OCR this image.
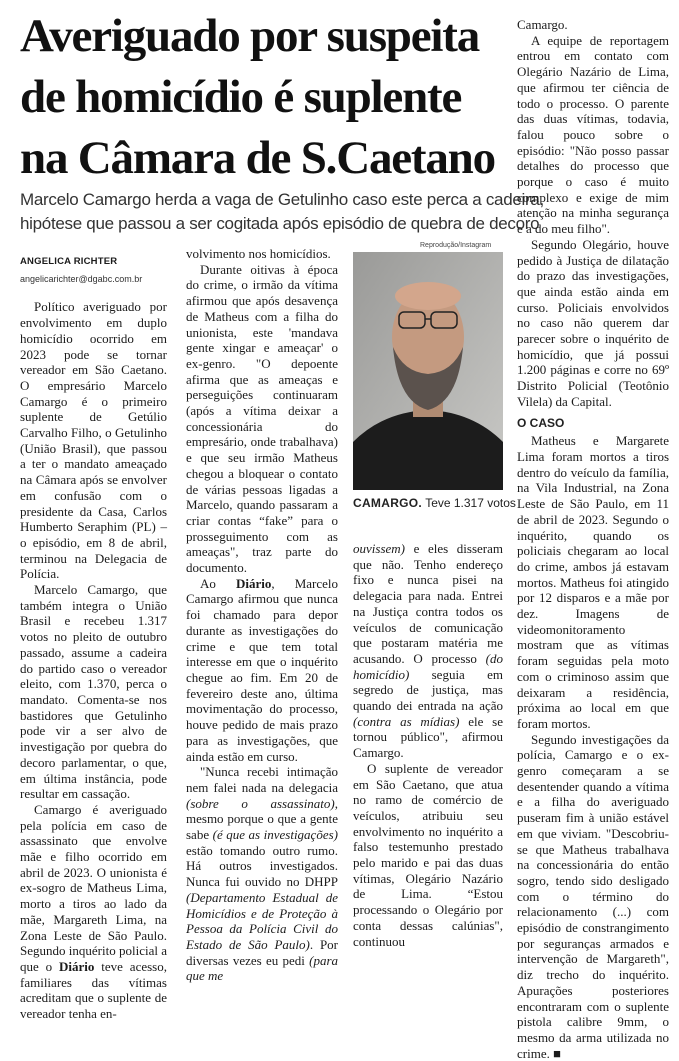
Averiguado por suspeita
de homicídio é suplente
na Câmara de S.Caetano
Marcelo Camargo herda a vaga de Getulinho caso este perca a cadeira,
hipótese que passou a ser cogitada após episódio de quebra de decoro
ANGELICA RICHTER
angelicarichter@dgabc.com.br

Político averiguado por envolvimento em duplo homicídio ocorrido em 2023 pode se tornar vereador em São Caetano. O empresário Marcelo Camargo é o primeiro suplente de Getúlio Carvalho Filho, o Getulinho (União Brasil), que passou a ter o mandato ameaçado na Câmara após se envolver em confusão com o presidente da Casa, Carlos Humberto Seraphim (PL) – o episódio, em 8 de abril, terminou na Delegacia de Polícia.

Marcelo Camargo, que também integra o União Brasil e recebeu 1.317 votos no pleito de outubro passado, assume a cadeira do partido caso o vereador eleito, com 1.370, perca o mandato. Comenta-se nos bastidores que Getulinho pode vir a ser alvo de investigação por quebra do decoro parlamentar, o que, em última instância, pode resultar em cassação.

Camargo é averiguado pela polícia em caso de assassinato que envolve mãe e filho ocorrido em abril de 2023. O unionista é ex-sogro de Matheus Lima, morto a tiros ao lado da mãe, Margareth Lima, na Zona Leste de São Paulo. Segundo inquérito policial a que o Diário teve acesso, familiares das vítimas acreditam que o suplente de vereador tenha en-

volvimento nos homicídios.

Durante oitivas à época do crime, o irmão da vítima afirmou que após desavença de Matheus com a filha do unionista, este 'mandava gente xingar e ameaçar' o ex-genro. "O depoente afirma que as ameaças e perseguições continuaram (após a vítima deixar a concessionária do empresário, onde trabalhava) e que seu irmão Matheus chegou a bloquear o contato de várias pessoas ligadas a Marcelo, quando passaram a criar contas “fake” para o prosseguimento com as ameaças", traz parte do documento.

Ao Diário, Marcelo Camargo afirmou que nunca foi chamado para depor durante as investigações do crime e que tem total interesse em que o inquérito chegue ao fim. Em 20 de fevereiro deste ano, última movimentação do processo, houve pedido de mais prazo para as investigações, que ainda estão em curso.

"Nunca recebi intimação nem falei nada na delegacia (sobre o assassinato), mesmo porque o que a gente sabe (é que as investigações) estão tomando outro rumo. Há outros investigados. Nunca fui ouvido no DHPP (Departamento Estadual de Homicídios e de Proteção à Pessoa da Polícia Civil do Estado de São Paulo). Por diversas vezes eu pedi (para que me

Reprodução/Instagram
CAMARGO. Teve 1.317 votos

ouvissem) e eles disseram que não. Tenho endereço fixo e nunca pisei na delegacia para nada. Entrei na Justiça contra todos os veículos de comunicação que postaram matéria me acusando. O processo (do homicídio) seguia em segredo de justiça, mas quando dei entrada na ação (contra as mídias) ele se tornou público", afirmou Camargo.

O suplente de vereador em São Caetano, que atua no ramo de comércio de veículos, atribuiu seu envolvimento no inquérito a falso testemunho prestado pelo marido e pai das duas vítimas, Olegário Nazário de Lima. “Estou processando o Olegário por conta dessas calúnias", continuou

Camargo.

A equipe de reportagem entrou em contato com Olegário Nazário de Lima, que afirmou ter ciência de todo o processo. O parente das duas vítimas, todavia, falou pouco sobre o episódio: "Não posso passar detalhes do processo que porque o caso é muito complexo e exige de mim atenção na minha segurança e a do meu filho".

Segundo Olegário, houve pedido à Justiça de dilatação do prazo das investigações, que ainda estão ainda em curso. Policiais envolvidos no caso não querem dar parecer sobre o inquérito de homicídio, que já possui 1.200 páginas e corre no 69º Distrito Policial (Teotônio Vilela) da Capital.

O CASO

Matheus e Margarete Lima foram mortos a tiros dentro do veículo da família, na Vila Industrial, na Zona Leste de São Paulo, em 11 de abril de 2023. Segundo o inquérito, quando os policiais chegaram ao local do crime, ambos já estavam mortos. Matheus foi atingido por 12 disparos e a mãe por dez. Imagens de videomonitoramento mostram que as vítimas foram seguidas pela moto com o criminoso assim que deixaram a residência, próxima ao local em que foram mortos.

Segundo investigações da polícia, Camargo e o ex-genro começaram a se desentender quando a vítima e a filha do averiguado puseram fim à união estável em que viviam. "Descobriu-se que Matheus trabalhava na concessionária do então sogro, tendo sido desligado com o término do relacionamento (...) com episódio de constrangimento por seguranças armados e intervenção de Margareth", diz trecho do inquérito. Apurações posteriores encontraram com o suplente pistola calibre 9mm, o mesmo da arma utilizada no crime. ■
